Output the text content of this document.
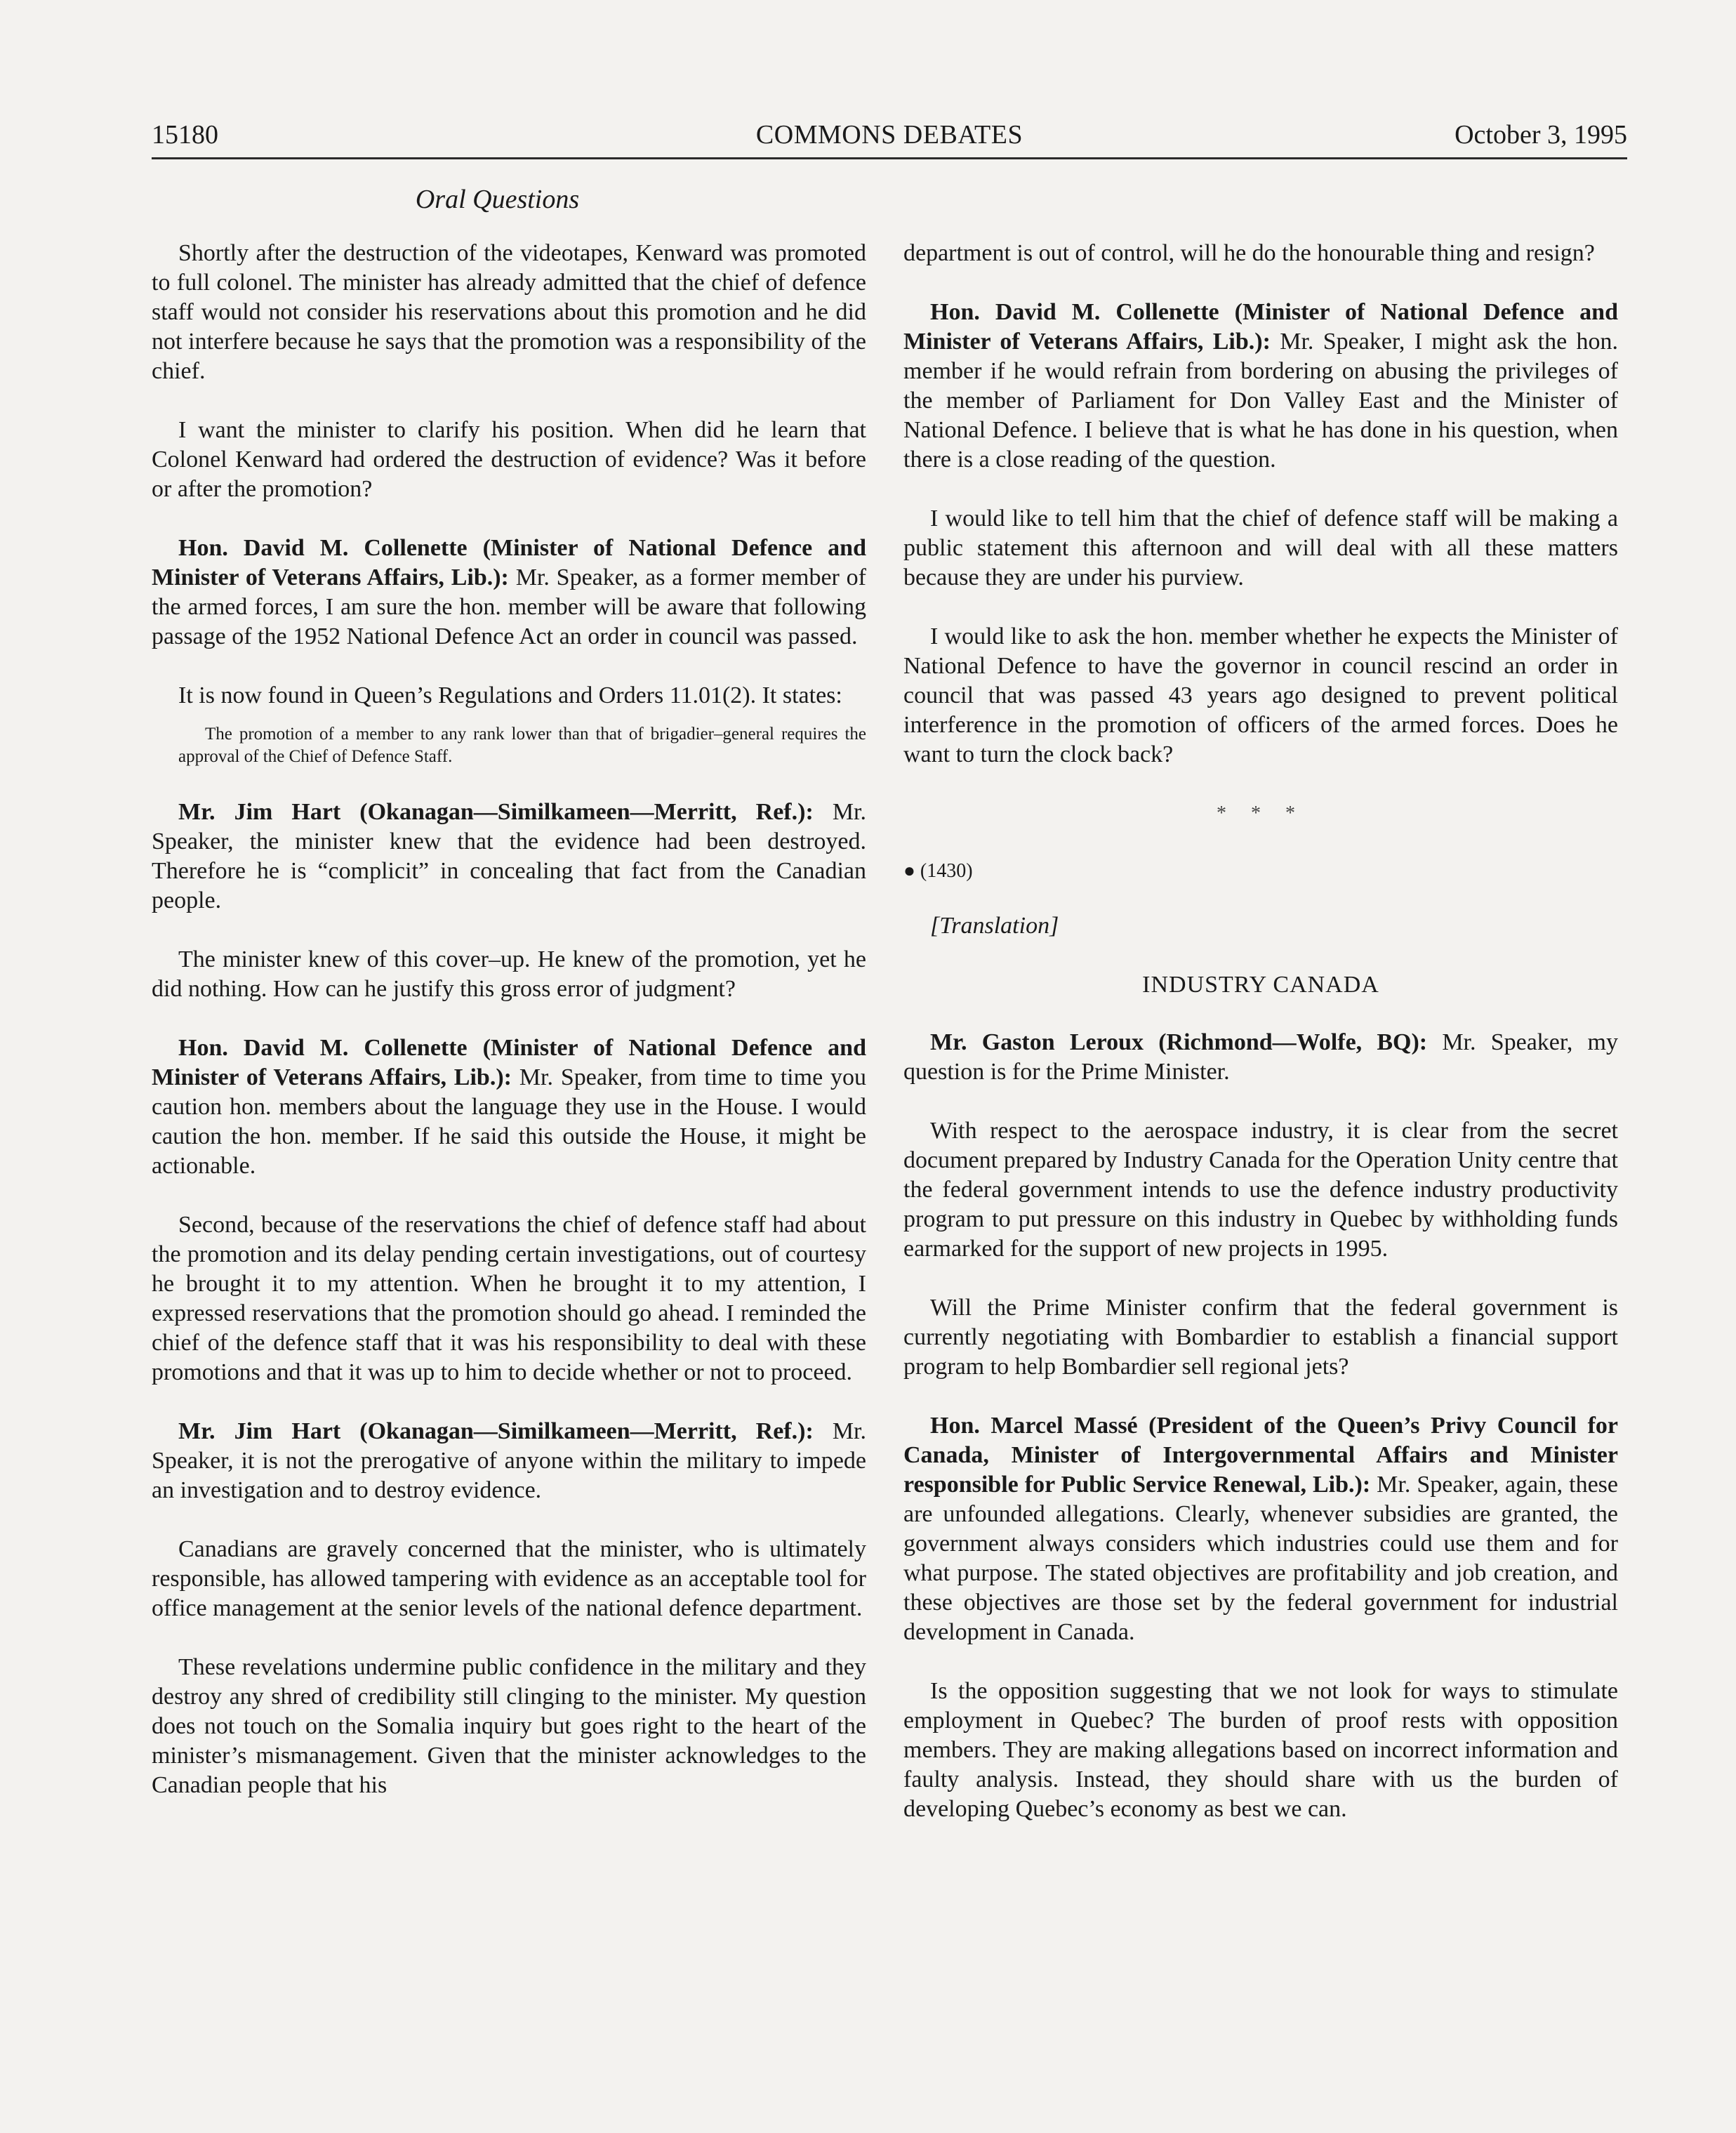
15180	COMMONS DEBATES	October 3, 1995
Oral Questions

Shortly after the destruction of the videotapes, Kenward was promoted to full colonel. The minister has already admitted that the chief of defence staff would not consider his reservations about this promotion and he did not interfere because he says that the promotion was a responsibility of the chief.

I want the minister to clarify his position. When did he learn that Colonel Kenward had ordered the destruction of evidence? Was it before or after the promotion?

Hon. David M. Collenette (Minister of National Defence and Minister of Veterans Affairs, Lib.): Mr. Speaker, as a former member of the armed forces, I am sure the hon. member will be aware that following passage of the 1952 National Defence Act an order in council was passed.

It is now found in Queen’s Regulations and Orders 11.01(2). It states:

The promotion of a member to any rank lower than that of brigadier–general requires the approval of the Chief of Defence Staff.

Mr. Jim Hart (Okanagan—Similkameen—Merritt, Ref.): Mr. Speaker, the minister knew that the evidence had been destroyed. Therefore he is “complicit” in concealing that fact from the Canadian people.

The minister knew of this cover–up. He knew of the promotion, yet he did nothing. How can he justify this gross error of judgment?

Hon. David M. Collenette (Minister of National Defence and Minister of Veterans Affairs, Lib.): Mr. Speaker, from time to time you caution hon. members about the language they use in the House. I would caution the hon. member. If he said this outside the House, it might be actionable.

Second, because of the reservations the chief of defence staff had about the promotion and its delay pending certain investigations, out of courtesy he brought it to my attention. When he brought it to my attention, I expressed reservations that the promotion should go ahead. I reminded the chief of the defence staff that it was his responsibility to deal with these promotions and that it was up to him to decide whether or not to proceed.

Mr. Jim Hart (Okanagan—Similkameen—Merritt, Ref.): Mr. Speaker, it is not the prerogative of anyone within the military to impede an investigation and to destroy evidence.

Canadians are gravely concerned that the minister, who is ultimately responsible, has allowed tampering with evidence as an acceptable tool for office management at the senior levels of the national defence department.

These revelations undermine public confidence in the military and they destroy any shred of credibility still clinging to the minister. My question does not touch on the Somalia inquiry but goes right to the heart of the minister’s mismanagement. Given that the minister acknowledges to the Canadian people that his

department is out of control, will he do the honourable thing and resign?

Hon. David M. Collenette (Minister of National Defence and Minister of Veterans Affairs, Lib.): Mr. Speaker, I might ask the hon. member if he would refrain from bordering on abusing the privileges of the member of Parliament for Don Valley East and the Minister of National Defence. I believe that is what he has done in his question, when there is a close reading of the question.

I would like to tell him that the chief of defence staff will be making a public statement this afternoon and will deal with all these matters because they are under his purview.

I would like to ask the hon. member whether he expects the Minister of National Defence to have the governor in council rescind an order in council that was passed 43 years ago designed to prevent political interference in the promotion of officers of the armed forces. Does he want to turn the clock back?

* * *
● (1430)

[Translation]

INDUSTRY CANADA

Mr. Gaston Leroux (Richmond—Wolfe, BQ): Mr. Speaker, my question is for the Prime Minister.

With respect to the aerospace industry, it is clear from the secret document prepared by Industry Canada for the Operation Unity centre that the federal government intends to use the defence industry productivity program to put pressure on this industry in Quebec by withholding funds earmarked for the support of new projects in 1995.

Will the Prime Minister confirm that the federal government is currently negotiating with Bombardier to establish a financial support program to help Bombardier sell regional jets?

Hon. Marcel Massé (President of the Queen’s Privy Council for Canada, Minister of Intergovernmental Affairs and Minister responsible for Public Service Renewal, Lib.): Mr. Speaker, again, these are unfounded allegations. Clearly, whenever subsidies are granted, the government always considers which industries could use them and for what purpose. The stated objectives are profitability and job creation, and these objectives are those set by the federal government for industrial development in Canada.

Is the opposition suggesting that we not look for ways to stimulate employment in Quebec? The burden of proof rests with opposition members. They are making allegations based on incorrect information and faulty analysis. Instead, they should share with us the burden of developing Quebec’s economy as best we can.
